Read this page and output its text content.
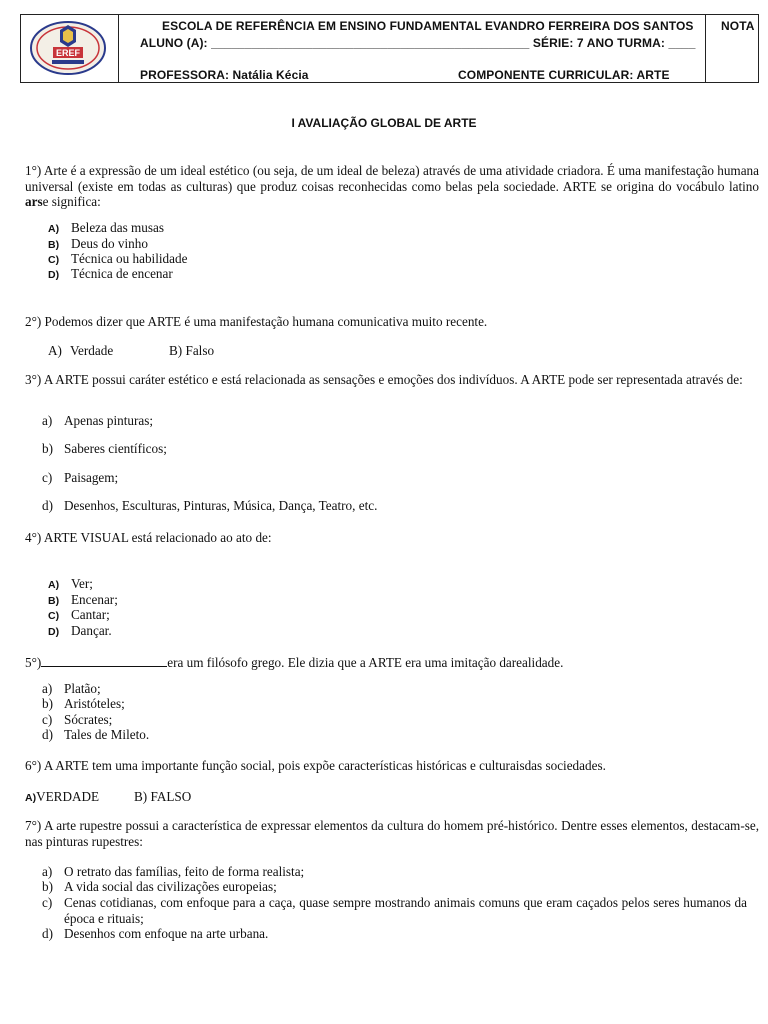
EREF
ESCOLA DE REFERÊNCIA EM ENSINO FUNDAMENTAL EVANDRO FERREIRA DOS SANTOS
ALUNO (A): _______________________________________________ SÉRIE: 7 ANO TURMA: ____
PROFESSORA: Natália Kécia	COMPONENTE CURRICULAR: ARTE
NOTA
I AVALIAÇÃO GLOBAL DE ARTE
1°) Arte é a expressão de um ideal estético (ou seja, de um ideal de beleza) através de uma atividade criadora. É uma manifestação humana universal (existe em todas as culturas) que produz coisas reconhecidas como belas pela sociedade. ARTE se origina do vocábulo latino arse significa:
A) Beleza das musas
B) Deus do vinho
C) Técnica ou habilidade
D) Técnica de encenar
2°) Podemos dizer que ARTE é uma manifestação humana comunicativa muito recente.
A) Verdade	B) Falso
3°) A ARTE possui caráter estético e está relacionada as sensações e emoções dos indivíduos. A ARTE pode ser representada através de:
a) Apenas pinturas;
b) Saberes científicos;
c) Paisagem;
d) Desenhos, Esculturas, Pinturas, Música, Dança, Teatro, etc.
4°) ARTE VISUAL está relacionado ao ato de:
A) Ver;
B) Encenar;
C) Cantar;
D) Dançar.
5°)	era um filósofo grego. Ele dizia que a ARTE era uma imitação darealidade.
a) Platão;
b) Aristóteles;
c) Sócrates;
d) Tales de Mileto.
6°) A ARTE tem uma importante função social, pois expõe características históricas e culturaisdas sociedades.
A)VERDADE	B) FALSO
7°) A arte rupestre possui a característica de expressar elementos da cultura do homem pré-histórico. Dentre esses elementos, destacam-se, nas pinturas rupestres:
a) O retrato das famílias, feito de forma realista;
b) A vida social das civilizações europeias;
c) Cenas cotidianas, com enfoque para a caça, quase sempre mostrando animais comuns que eram caçados pelos seres humanos da época e rituais;
d) Desenhos com enfoque na arte urbana.
